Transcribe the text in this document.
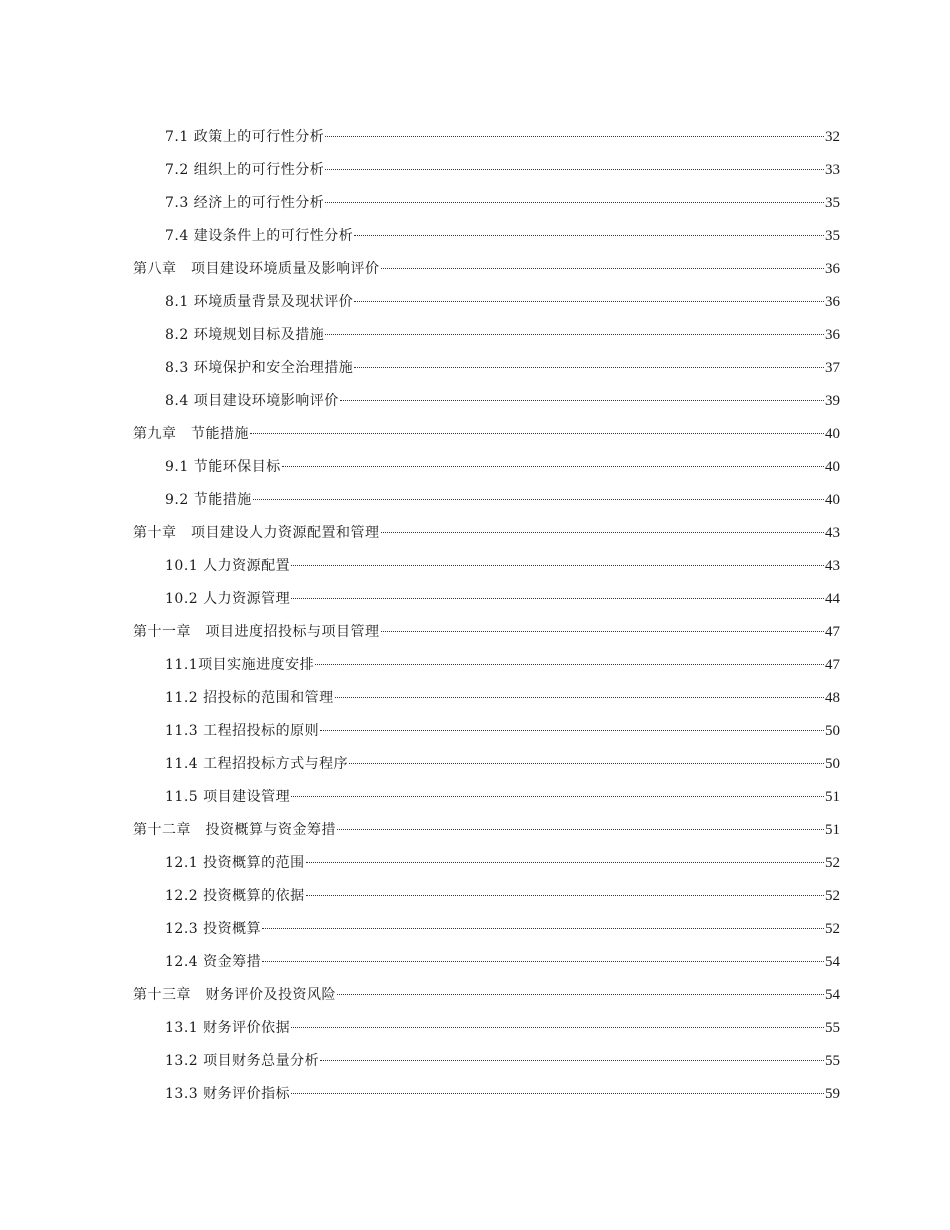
7.1 政策上的可行性分析	32
7.2 组织上的可行性分析	33
7.3 经济上的可行性分析	35
7.4 建设条件上的可行性分析	35
第八章　项目建设环境质量及影响评价	36
8.1 环境质量背景及现状评价	36
8.2 环境规划目标及措施	36
8.3 环境保护和安全治理措施	37
8.4 项目建设环境影响评价	39
第九章　节能措施	40
9.1 节能环保目标	40
9.2 节能措施	40
第十章　项目建设人力资源配置和管理	43
10.1 人力资源配置	43
10.2 人力资源管理	44
第十一章　项目进度招投标与项目管理	47
11.1项目实施进度安排	47
11.2 招投标的范围和管理	48
11.3 工程招投标的原则	50
11.4 工程招投标方式与程序	50
11.5 项目建设管理	51
第十二章　投资概算与资金筹措	51
12.1 投资概算的范围	52
12.2 投资概算的依据	52
12.3 投资概算	52
12.4 资金筹措	54
第十三章　财务评价及投资风险	54
13.1 财务评价依据	55
13.2 项目财务总量分析	55
13.3 财务评价指标	59
